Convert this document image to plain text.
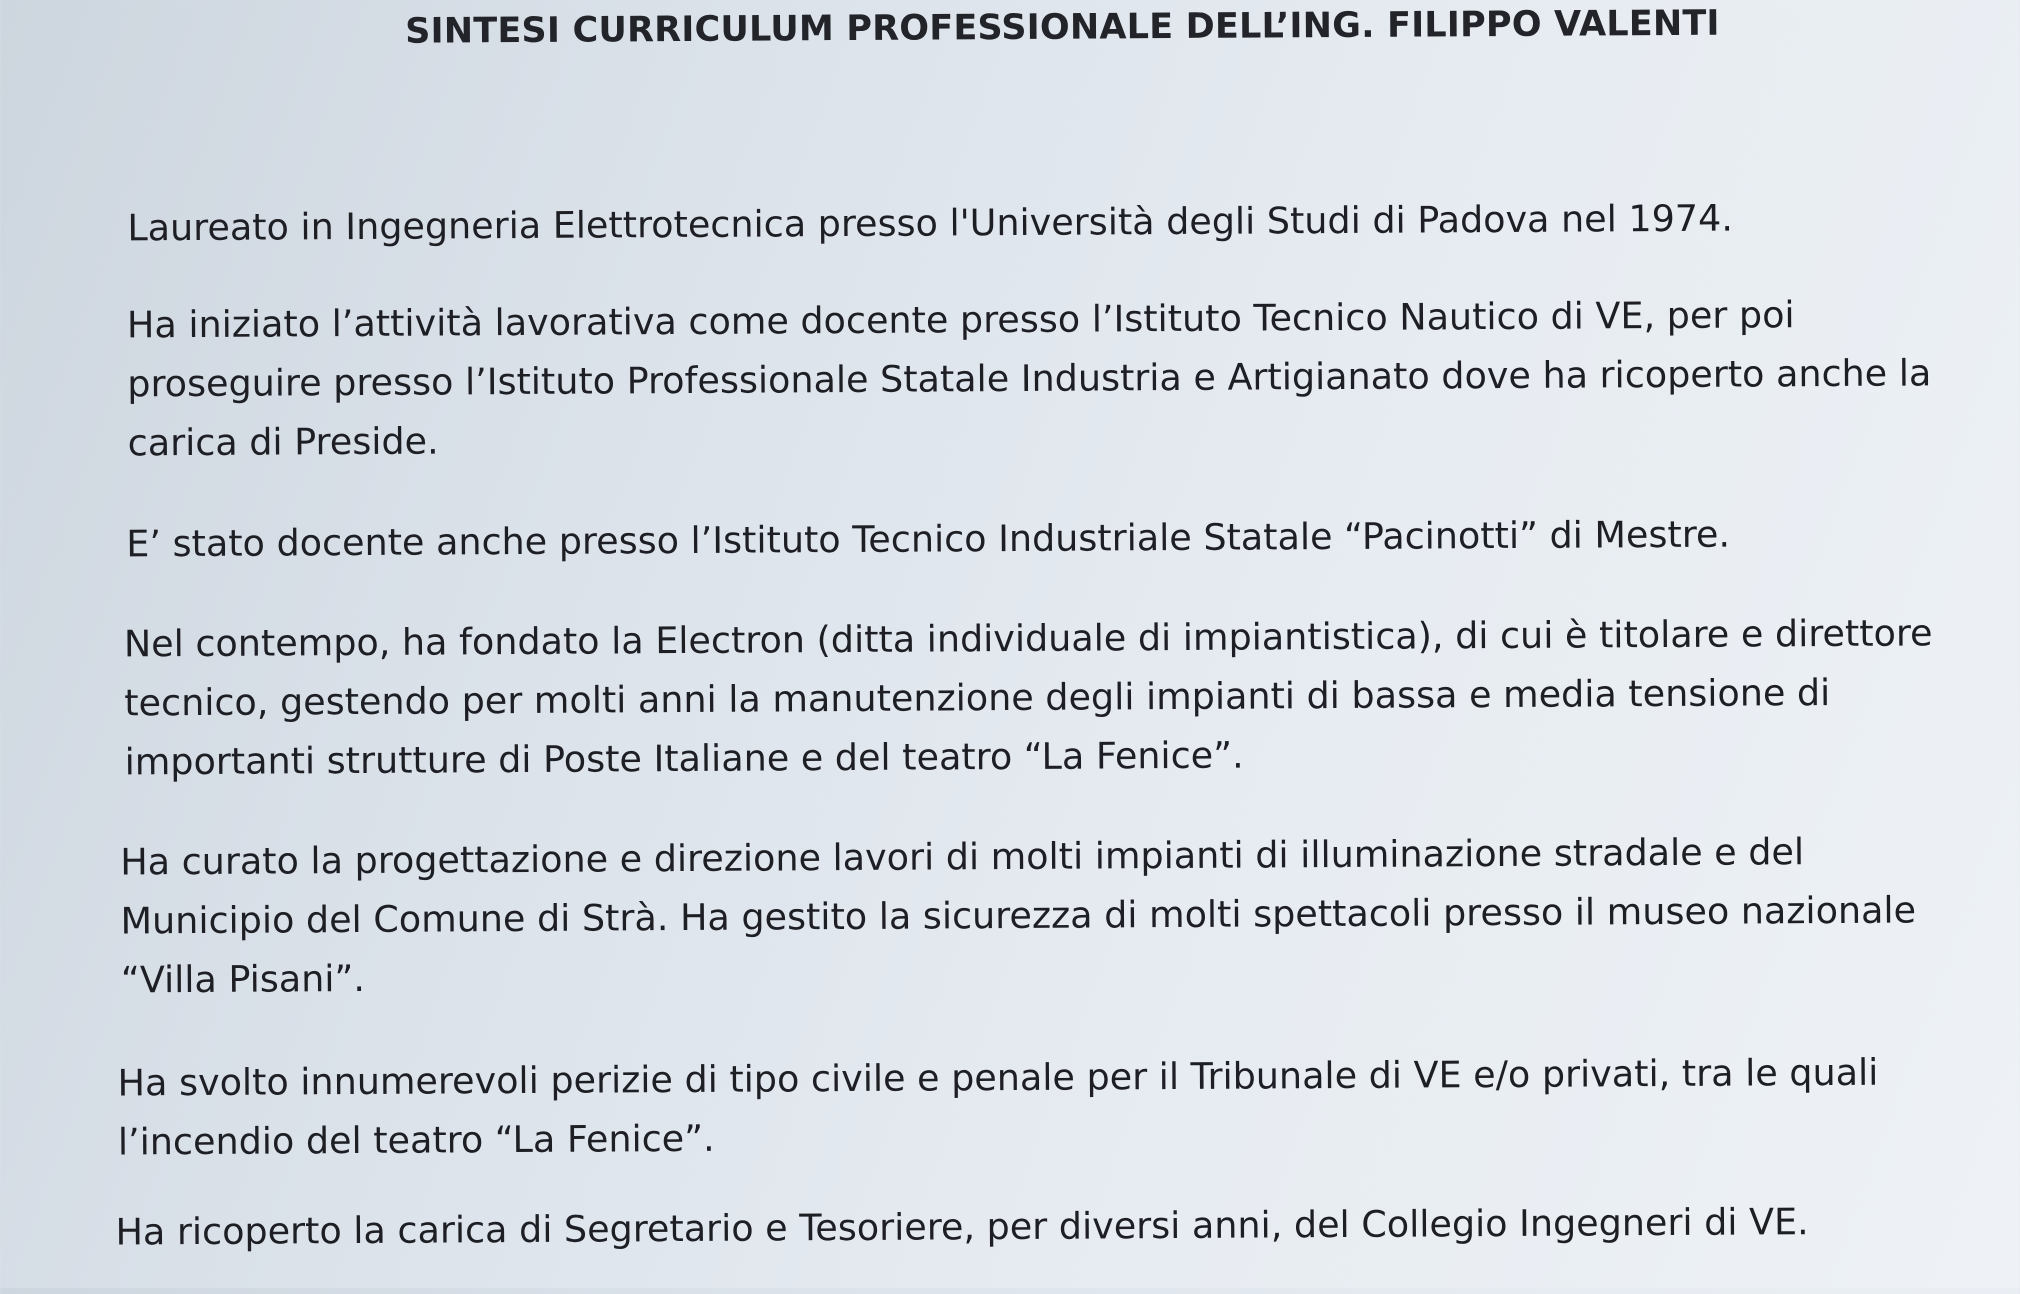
SINTESI CURRICULUM PROFESSIONALE DELL’ING. FILIPPO VALENTI
Laureato in Ingegneria Elettrotecnica presso l'Università degli Studi di Padova nel 1974.
Ha iniziato l’attività lavorativa come docente presso l’Istituto Tecnico Nautico di VE, per poi
proseguire presso l’Istituto Professionale Statale Industria e Artigianato dove ha ricoperto anche la
carica di Preside.
E’ stato docente anche presso l’Istituto Tecnico Industriale Statale “Pacinotti” di Mestre.
Nel contempo, ha fondato la Electron (ditta individuale di impiantistica), di cui è titolare e direttore
tecnico, gestendo per molti anni la manutenzione degli impianti di bassa e media tensione di
importanti strutture di Poste Italiane e del teatro “La Fenice”.
Ha curato la progettazione e direzione lavori di molti impianti di illuminazione stradale e del
Municipio del Comune di Strà. Ha gestito la sicurezza di molti spettacoli presso il museo nazionale
“Villa Pisani”.
Ha svolto innumerevoli perizie di tipo civile e penale per il Tribunale di VE e/o privati, tra le quali
l’incendio del teatro “La Fenice”.
Ha ricoperto la carica di Segretario e Tesoriere, per diversi anni, del Collegio Ingegneri di VE.
